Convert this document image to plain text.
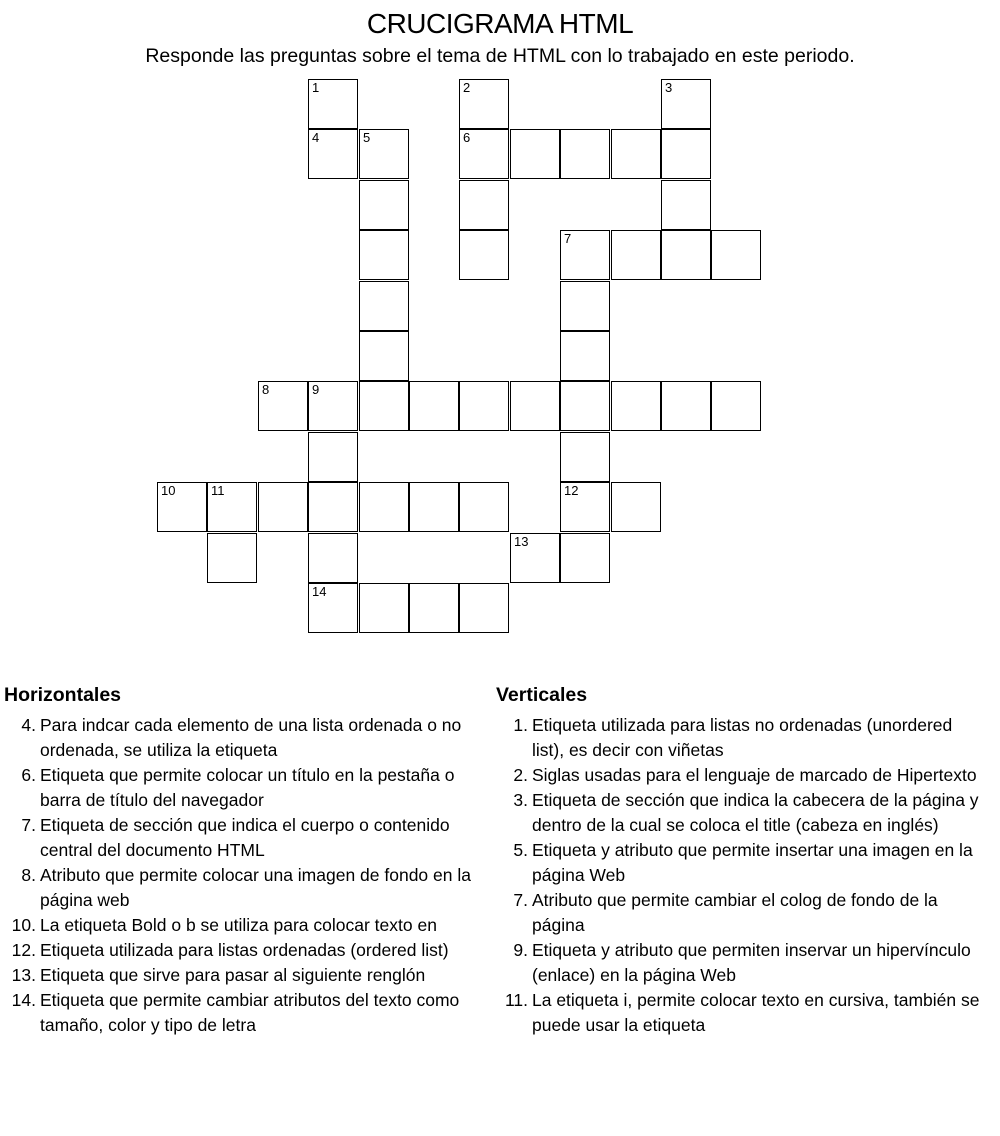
CRUCIGRAMA HTML
Responde las preguntas sobre el tema de HTML con lo trabajado en este periodo.
1	2	3
4	5	6
7
8	9
10	11	12
13
14
Horizontales
4. Para indcar cada elemento de una lista ordenada o no ordenada, se utiliza la etiqueta
6. Etiqueta que permite colocar un título en la pestaña o barra de título del navegador
7. Etiqueta de sección que indica el cuerpo o contenido central del documento HTML
8. Atributo que permite colocar una imagen de fondo en la página web
10. La etiqueta Bold o b se utiliza para colocar texto en
12. Etiqueta utilizada para listas ordenadas (ordered list)
13. Etiqueta que sirve para pasar al siguiente renglón
14. Etiqueta que permite cambiar atributos del texto como tamaño, color y tipo de letra
Verticales
1. Etiqueta utilizada para listas no ordenadas (unordered list), es decir con viñetas
2. Siglas usadas para el lenguaje de marcado de Hipertexto
3. Etiqueta de sección que indica la cabecera de la página y dentro de la cual se coloca el title (cabeza en inglés)
5. Etiqueta y atributo que permite insertar una imagen en la página Web
7. Atributo que permite cambiar el colog de fondo de la página
9. Etiqueta y atributo que permiten inservar un hipervínculo (enlace) en la página Web
11. La etiqueta i, permite colocar texto en cursiva, también se puede usar la etiqueta
